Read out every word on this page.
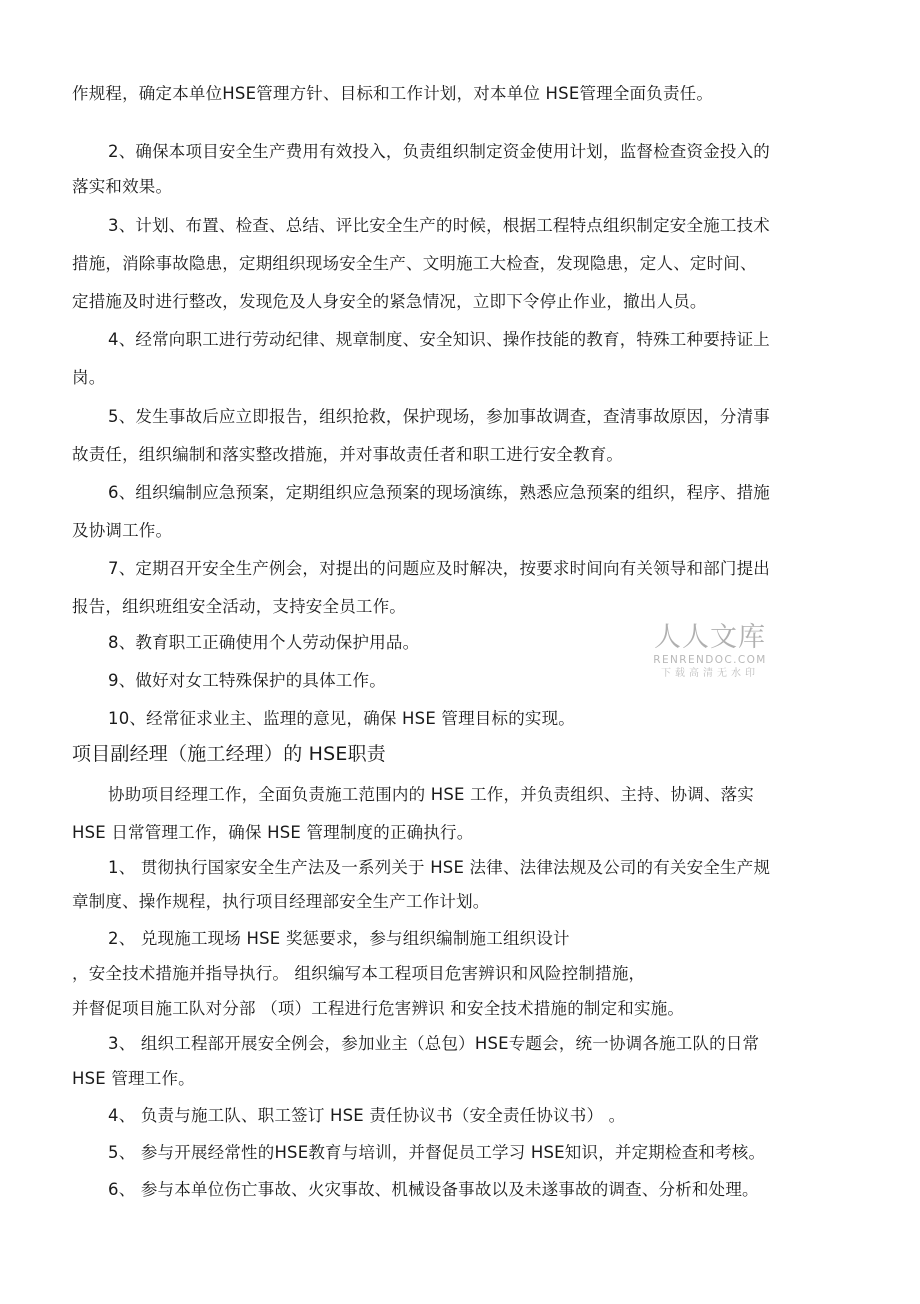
作规程，确定本单位HSE管理方针、目标和工作计划，对本单位 HSE管理全面负责任。
2、确保本项目安全生产费用有效投入，负责组织制定资金使用计划，监督检查资金投入的
落实和效果。
3、计划、布置、检查、总结、评比安全生产的时候，根据工程特点组织制定安全施工技术
措施，消除事故隐患，定期组织现场安全生产、文明施工大检查，发现隐患，定人、定时间、
定措施及时进行整改，发现危及人身安全的紧急情况，立即下令停止作业，撤出人员。
4、经常向职工进行劳动纪律、规章制度、安全知识、操作技能的教育，特殊工种要持证上
岗。
5、发生事故后应立即报告，组织抢救，保护现场，参加事故调查，查清事故原因，分清事
故责任，组织编制和落实整改措施，并对事故责任者和职工进行安全教育。
6、组织编制应急预案，定期组织应急预案的现场演练，熟悉应急预案的组织，程序、措施
及协调工作。
7、定期召开安全生产例会，对提出的问题应及时解决，按要求时间向有关领导和部门提出
报告，组织班组安全活动，支持安全员工作。
8、教育职工正确使用个人劳动保护用品。
9、做好对女工特殊保护的具体工作。
10、经常征求业主、监理的意见，确保 HSE 管理目标的实现。
项目副经理（施工经理）的 HSE职责
协助项目经理工作，全面负责施工范围内的 HSE 工作，并负责组织、主持、协调、落实
HSE 日常管理工作，确保 HSE 管理制度的正确执行。
1、 贯彻执行国家安全生产法及一系列关于 HSE 法律、法律法规及公司的有关安全生产规
章制度、操作规程，执行项目经理部安全生产工作计划。
2、 兑现施工现场 HSE 奖惩要求，参与组织编制施工组织设计
，安全技术措施并指导执行。 组织编写本工程项目危害辨识和风险控制措施，
并督促项目施工队对分部 （项）工程进行危害辨识 和安全技术措施的制定和实施。
3、 组织工程部开展安全例会，参加业主（总包）HSE专题会，统一协调各施工队的日常
HSE 管理工作。
4、 负责与施工队、职工签订 HSE 责任协议书（安全责任协议书） 。
5、 参与开展经常性的HSE教育与培训，并督促员工学习 HSE知识，并定期检查和考核。
6、 参与本单位伤亡事故、火灾事故、机械设备事故以及未遂事故的调查、分析和处理。
人人文库
RENRENDOC.COM
下载高清无水印
